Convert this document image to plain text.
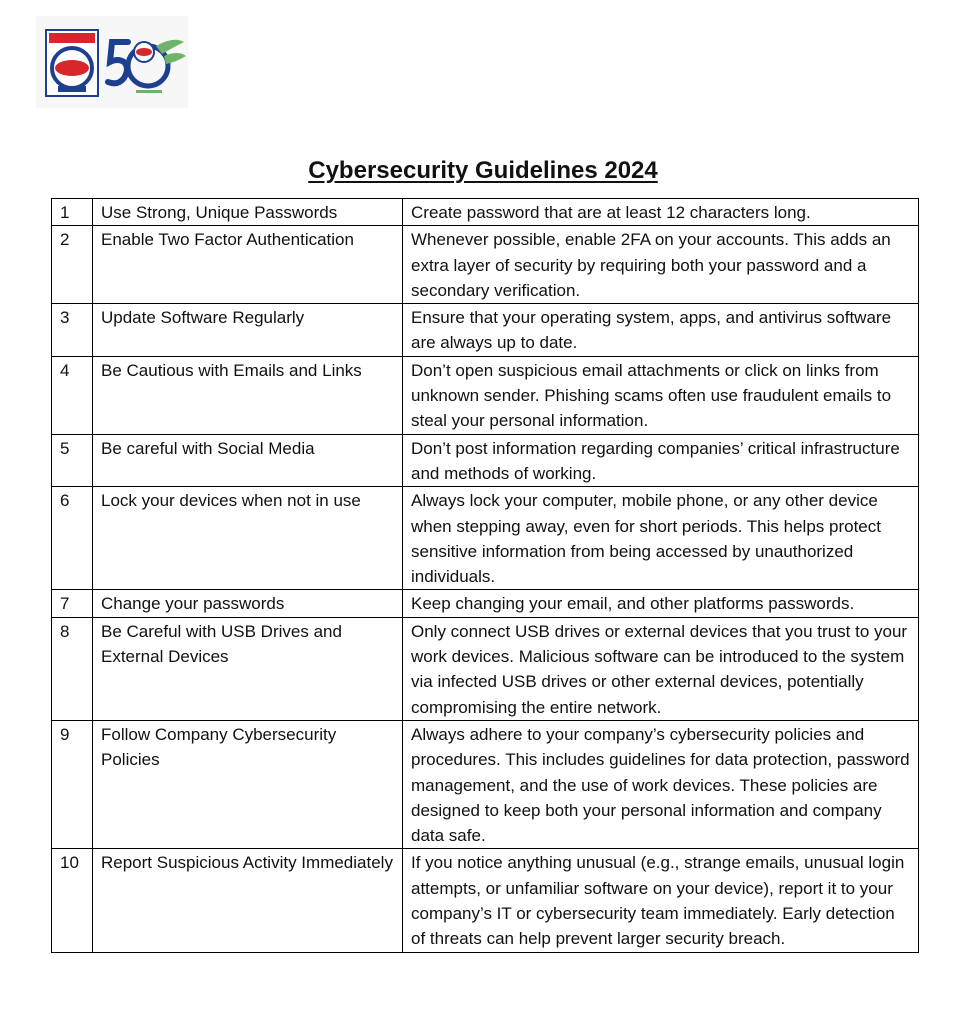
Cybersecurity Guidelines 2024
1	Use Strong, Unique Passwords	Create password that are at least 12 characters long.
2	Enable Two Factor Authentication	Whenever possible, enable 2FA on your accounts. This adds an extra layer of security by requiring both your password and a secondary verification.
3	Update Software Regularly	Ensure that your operating system, apps, and antivirus software are always up to date.
4	Be Cautious with Emails and Links	Don’t open suspicious email attachments or click on links from unknown sender. Phishing scams often use fraudulent emails to steal your personal information.
5	Be careful with Social Media	Don’t post information regarding companies’ critical infrastructure and methods of working.
6	Lock your devices when not in use	Always lock your computer, mobile phone, or any other device when stepping away, even for short periods. This helps protect sensitive information from being accessed by unauthorized individuals.
7	Change your passwords	Keep changing your email, and other platforms passwords.
8	Be Careful with USB Drives and External Devices	Only connect USB drives or external devices that you trust to your work devices. Malicious software can be introduced to the system via infected USB drives or other external devices, potentially compromising the entire network.
9	Follow Company Cybersecurity Policies	Always adhere to your company’s cybersecurity policies and procedures. This includes guidelines for data protection, password management, and the use of work devices. These policies are designed to keep both your personal information and company data safe.
10	Report Suspicious Activity Immediately	If you notice anything unusual (e.g., strange emails, unusual login attempts, or unfamiliar software on your device), report it to your company’s IT or cybersecurity team immediately. Early detection of threats can help prevent larger security breach.
